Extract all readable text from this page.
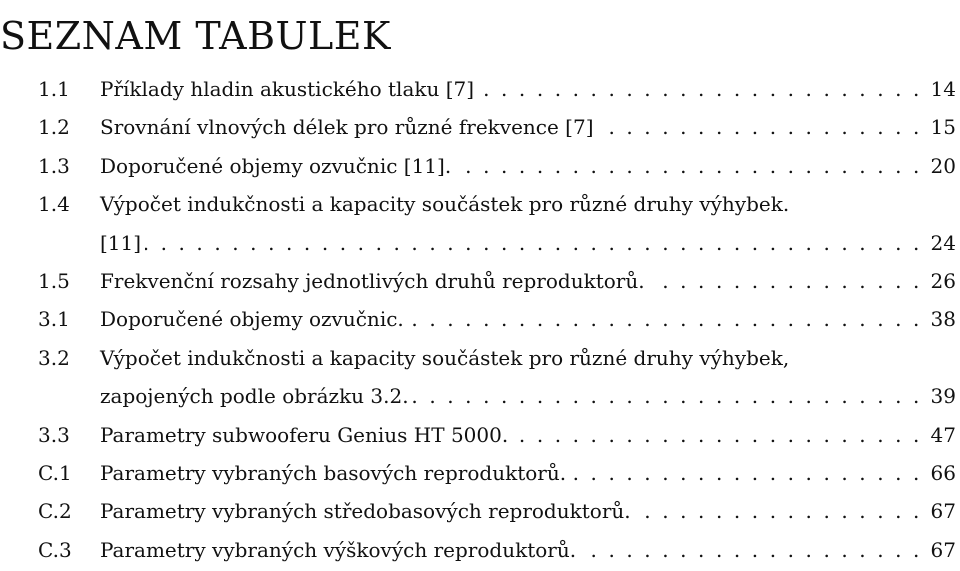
SEZNAM TABULEK
1.1	Příklady hladin akustického tlaku [7] . . .	14
1.2	Srovnání vlnových délek pro různé frekvence [7] . . .	15
1.3	Doporučené objemy ozvučnic [11]. . . .	20
1.4	Výpočet indukčnosti a kapacity součástek pro různé druhy výhybek.
[11] . . .	24
1.5	Frekvenční rozsahy jednotlivých druhů reproduktorů. . . .	26
3.1	Doporučené objemy ozvučnic. . . .	38
3.2	Výpočet indukčnosti a kapacity součástek pro různé druhy výhybek,
zapojených podle obrázku 3.2. . . .	39
3.3	Parametry subwooferu Genius HT 5000. . . .	47
C.1	Parametry vybraných basových reproduktorů. . . .	66
C.2	Parametry vybraných středobasových reproduktorů. . . .	67
C.3	Parametry vybraných výškových reproduktorů. . . .	67
